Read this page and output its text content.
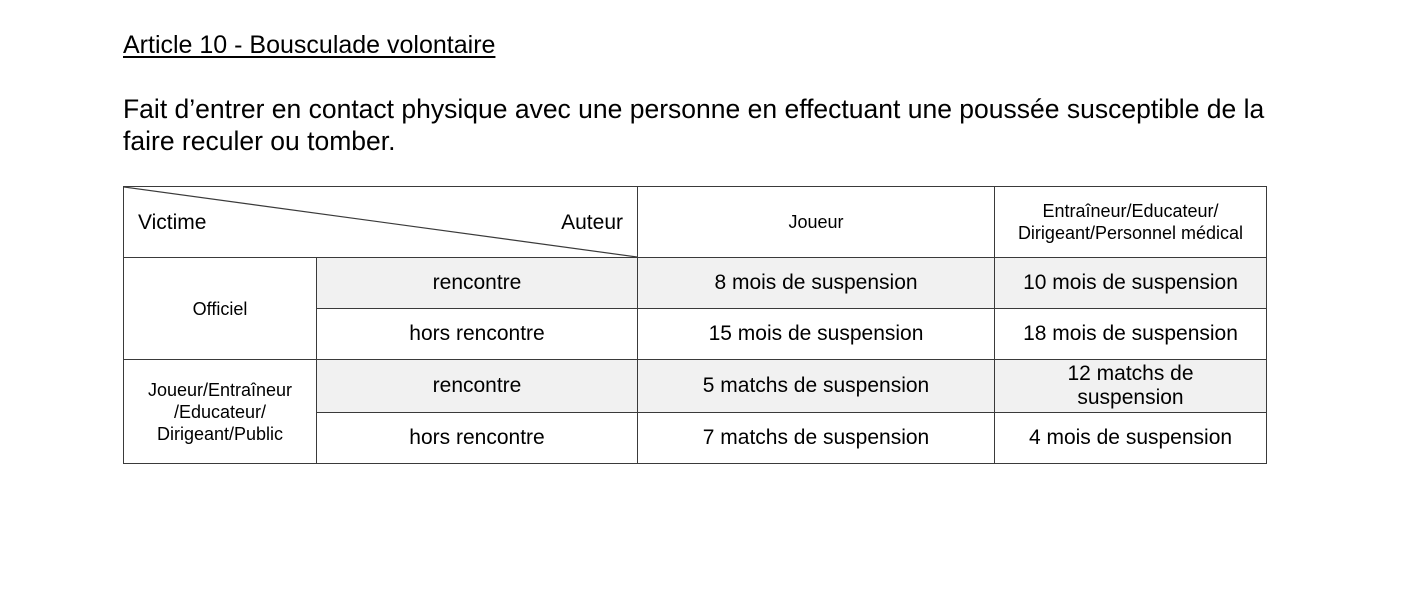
Article 10 - Bousculade volontaire
Fait d’entrer en contact physique avec une personne en effectuant une poussée susceptible de la faire reculer ou tomber.
Victime Auteur		Joueur	Entraîneur/Educateur/ Dirigeant/Personnel médical
Officiel	rencontre	8 mois de suspension	10 mois de suspension
	hors rencontre	15 mois de suspension	18 mois de suspension
Joueur/Entraîneur /Educateur/ Dirigeant/Public	rencontre	5 matchs de suspension	12 matchs de suspension
	hors rencontre	7 matchs de suspension	4 mois de suspension
